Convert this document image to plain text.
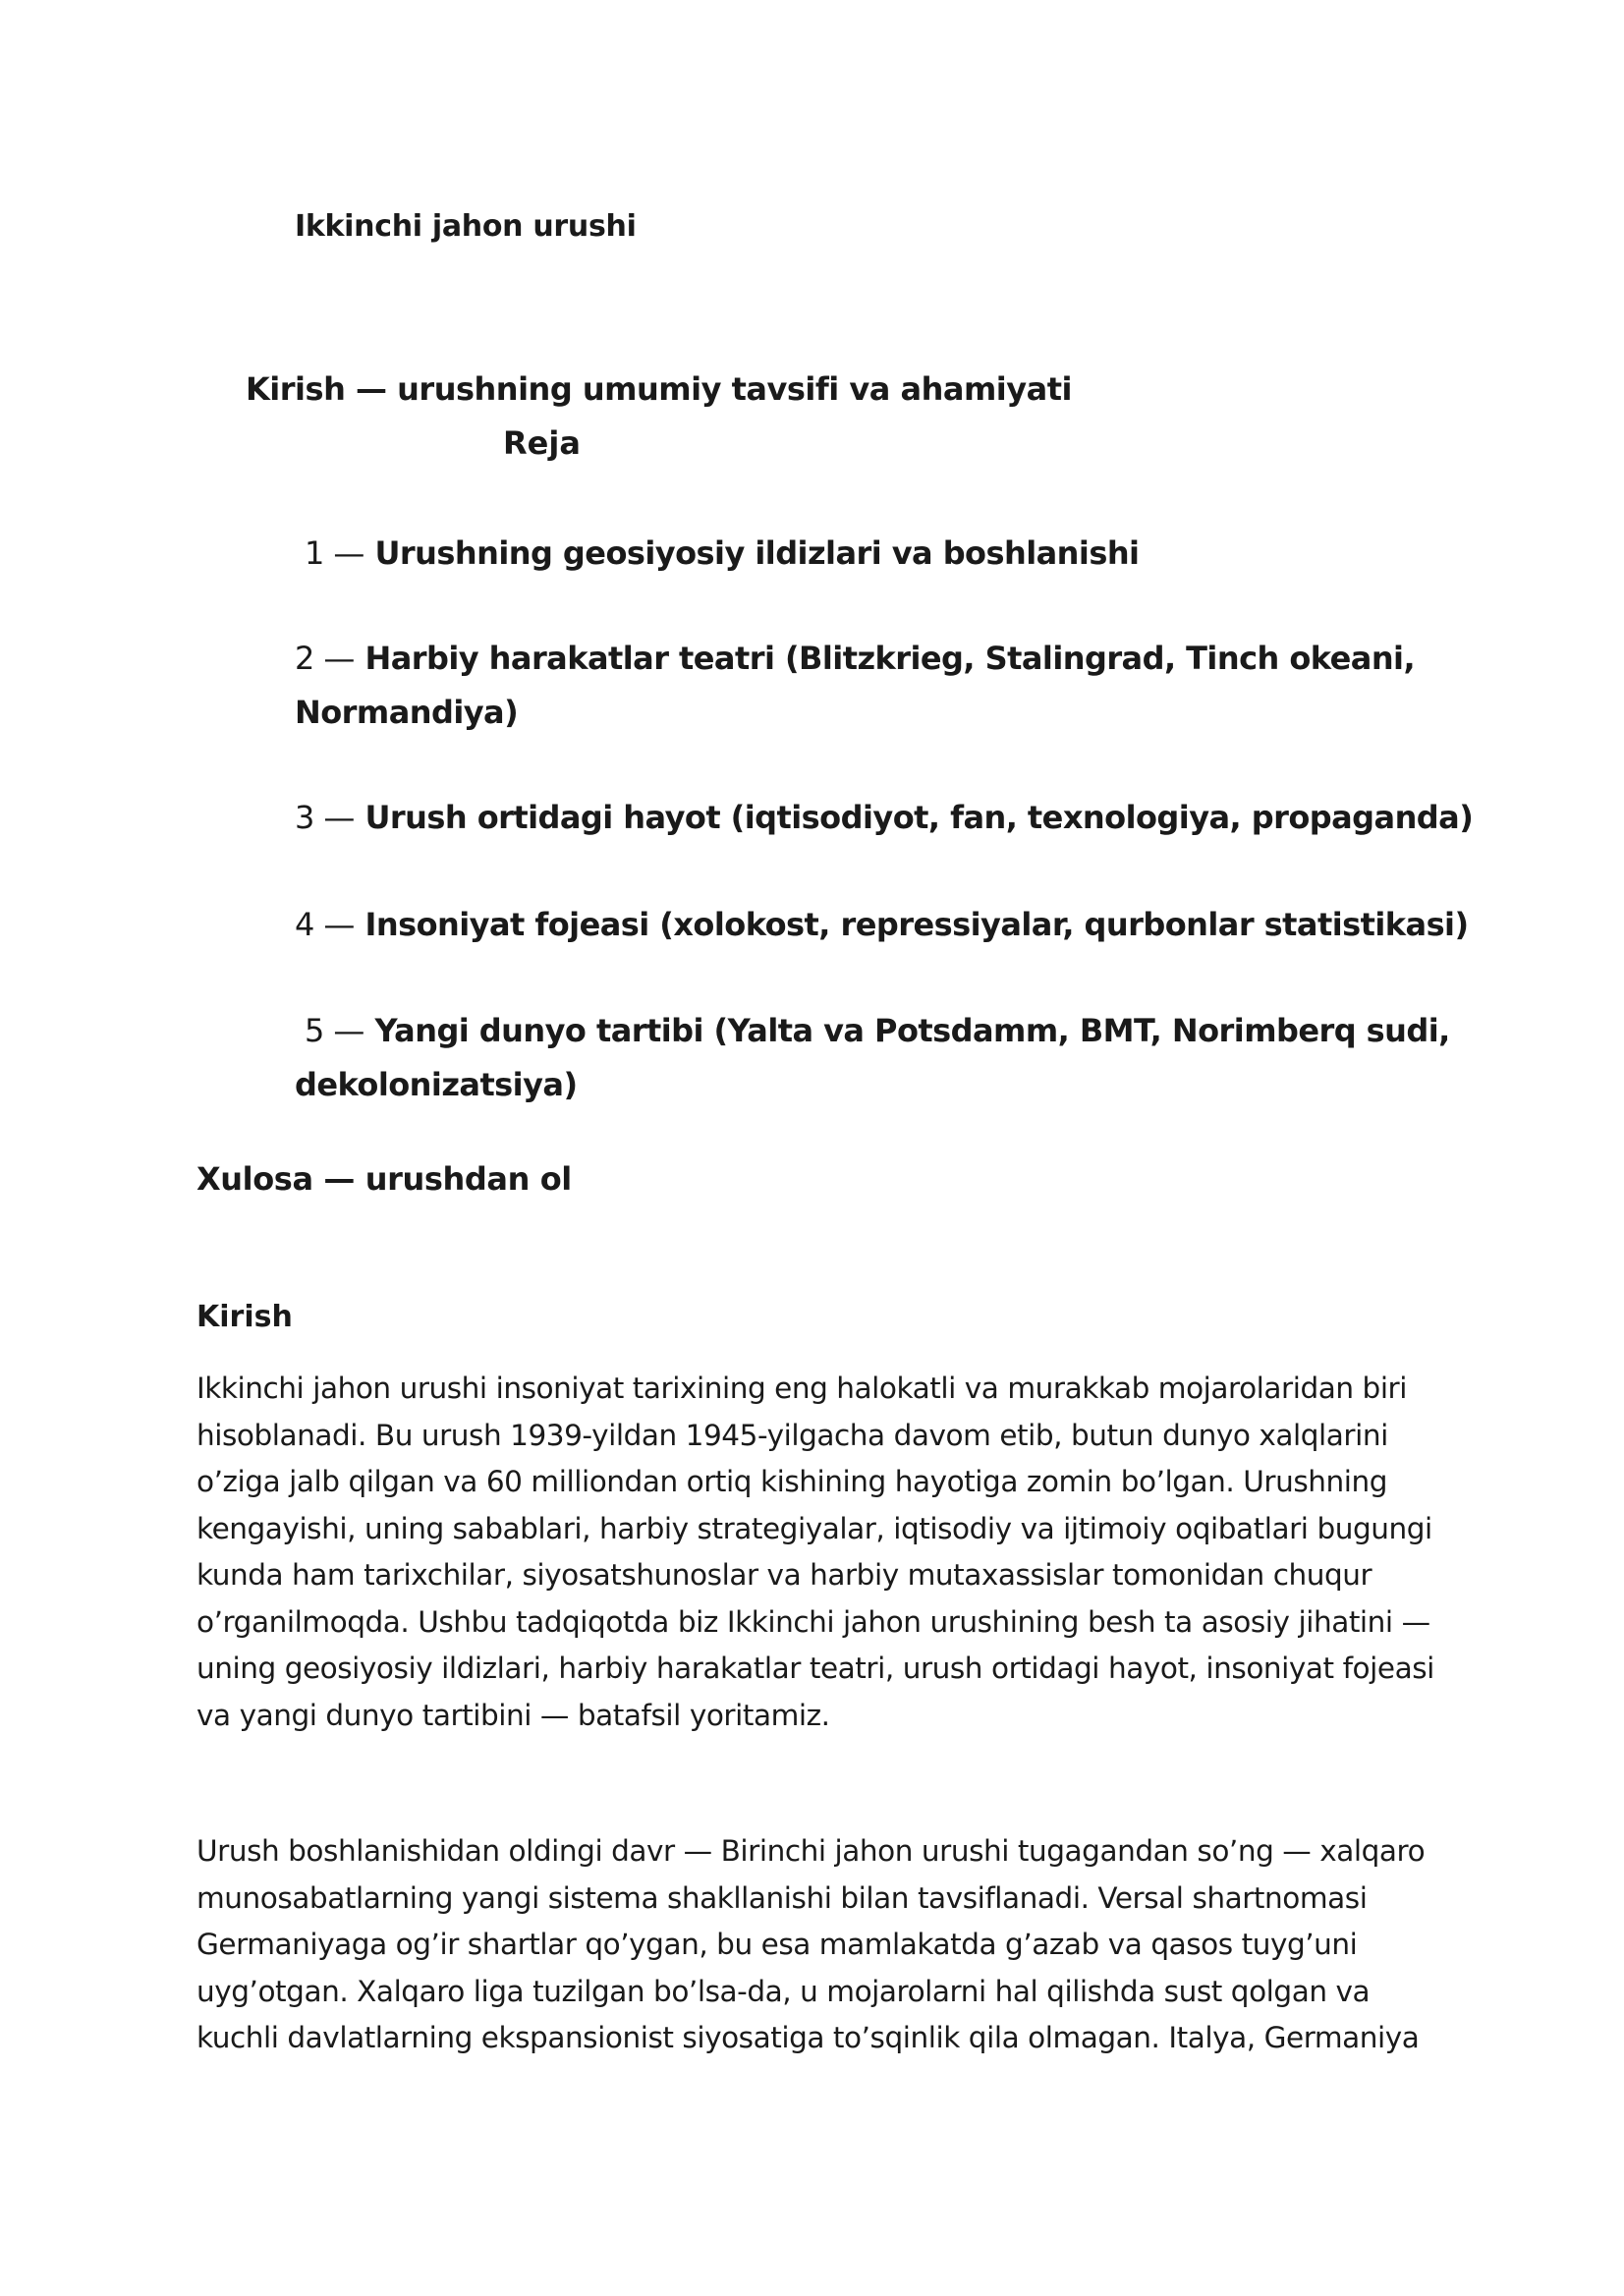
Ikkinchi jahon urushi
Kirish — urushning umumiy tavsifi va ahamiyati
Reja
1 — Urushning geosiyosiy ildizlari va boshlanishi
2 — Harbiy harakatlar teatri (Blitzkrieg, Stalingrad, Tinch okeani,
Normandiya)
3 — Urush ortidagi hayot (iqtisodiyot, fan, texnologiya, propaganda)
4 — Insoniyat fojeasi (xolokost, repressiyalar, qurbonlar statistikasi)
5 — Yangi dunyo tartibi (Yalta va Potsdamm, BMT, Norimberq sudi,
dekolonizatsiya)
Xulosa — urushdan ol
Kirish

Ikkinchi jahon urushi insoniyat tarixining eng halokatli va murakkab mojarolaridan biri
hisoblanadi. Bu urush 1939-yildan 1945-yilgacha davom etib, butun dunyo xalqlarini
o’ziga jalb qilgan va 60 milliondan ortiq kishining hayotiga zomin bo’lgan. Urushning
kengayishi, uning sabablari, harbiy strategiyalar, iqtisodiy va ijtimoiy oqibatlari bugungi
kunda ham tarixchilar, siyosatshunoslar va harbiy mutaxassislar tomonidan chuqur
o’rganilmoqda. Ushbu tadqiqotda biz Ikkinchi jahon urushining besh ta asosiy jihatini —
uning geosiyosiy ildizlari, harbiy harakatlar teatri, urush ortidagi hayot, insoniyat fojeasi
va yangi dunyo tartibini — batafsil yoritamiz.

Urush boshlanishidan oldingi davr — Birinchi jahon urushi tugagandan so’ng — xalqaro
munosabatlarning yangi sistema shakllanishi bilan tavsiflanadi. Versal shartnomasi
Germaniyaga og’ir shartlar qo’ygan, bu esa mamlakatda g’azab va qasos tuyg’uni
uyg’otgan. Xalqaro liga tuzilgan bo’lsa-da, u mojarolarni hal qilishda sust qolgan va
kuchli davlatlarning ekspansionist siyosatiga to’sqinlik qila olmagan. Italya, Germaniya
